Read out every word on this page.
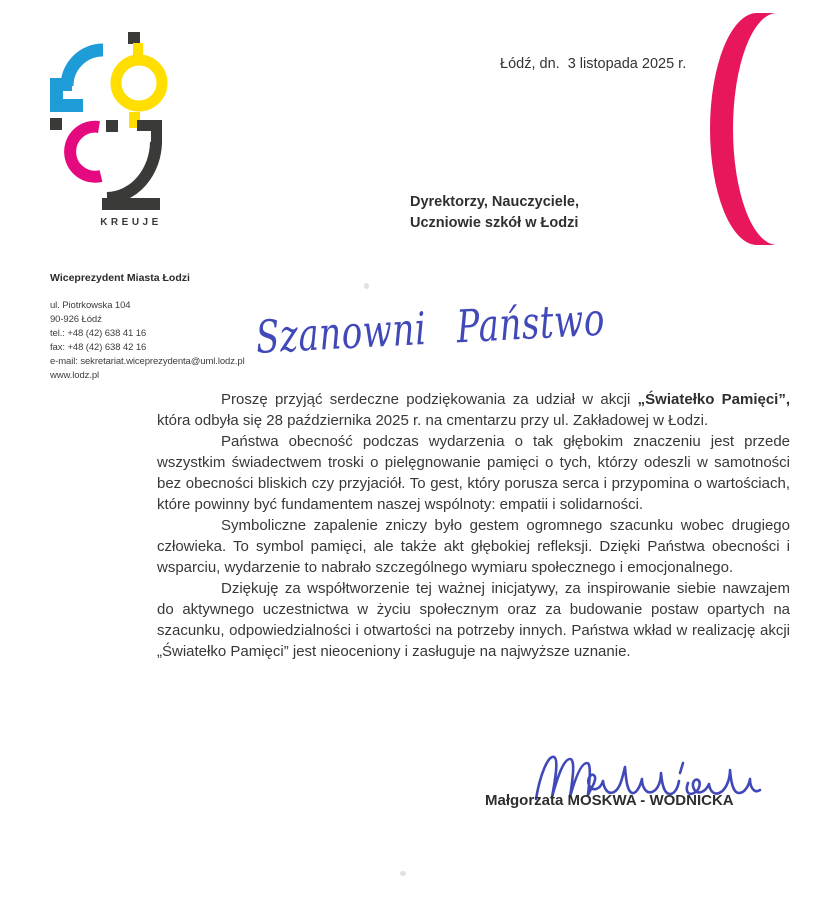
KREUJE
Łódź, dn.  3 listopada 2025 r.
Dyrektorzy, Nauczyciele,
Uczniowie szkół w Łodzi
Wiceprezydent Miasta Łodzi
ul. Piotrkowska 104
90-926 Łódź
tel.: +48 (42) 638 41 16
fax: +48 (42) 638 42 16
e-mail: sekretariat.wiceprezydenta@uml.lodz.pl
www.lodz.pl
Szanowni Państwo

Proszę przyjąć serdeczne podziękowania za udział w akcji „Światełko Pamięci”, która odbyła się 28 października 2025 r. na cmentarzu przy ul. Zakładowej w Łodzi.

Państwa obecność podczas wydarzenia o tak głębokim znaczeniu jest przede wszystkim świadectwem troski o pielęgnowanie pamięci o tych, którzy odeszli w samotności bez obecności bliskich czy przyjaciół. To gest, który porusza serca i przypomina o wartościach, które powinny być fundamentem naszej wspólnoty: empatii i solidarności.

Symboliczne zapalenie zniczy było gestem ogromnego szacunku wobec drugiego człowieka. To symbol pamięci, ale także akt głębokiej refleksji. Dzięki Państwa obecności i wsparciu, wydarzenie to nabrało szczególnego wymiaru społecznego i emocjonalnego.

Dziękuję za współtworzenie tej ważnej inicjatywy, za inspirowanie siebie nawzajem do aktywnego uczestnictwa w życiu społecznym oraz za budowanie postaw opartych na szacunku, odpowiedzialności i otwartości na potrzeby innych. Państwa wkład w realizację akcji „Światełko Pamięci” jest nieoceniony i zasługuje na najwyższe uznanie.

Małgorzata MOSKWA - WODNICKA
